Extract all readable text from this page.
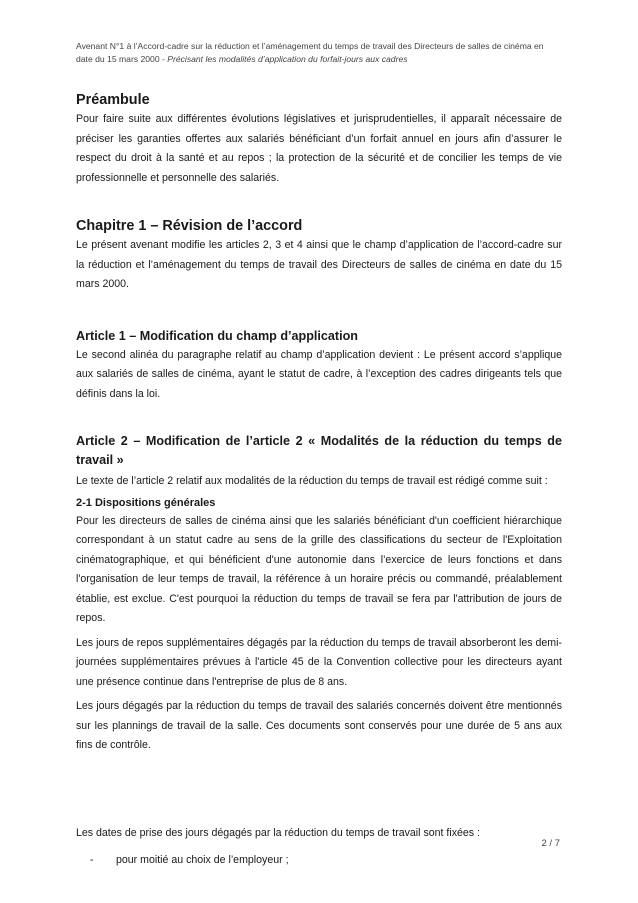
Avenant N°1 à l’Accord-cadre sur la réduction et l’aménagement du temps de travail des Directeurs de salles de cinéma en
date du 15 mars 2000 - Précisant les modalités d’application du forfait-jours aux cadres
Préambule

Pour faire suite aux différentes évolutions législatives et jurisprudentielles, il apparaît nécessaire de préciser les garanties offertes aux salariés bénéficiant d’un forfait annuel en jours afin d’assurer le respect du droit à la santé et au repos ; la protection de la sécurité et de concilier les temps de vie professionnelle et personnelle des salariés.

Chapitre 1 – Révision de l’accord

Le présent avenant modifie les articles 2, 3 et 4 ainsi que le champ d’application de l’accord-cadre sur la réduction et l’aménagement du temps de travail des Directeurs de salles de cinéma en date du 15 mars 2000.

Article 1 – Modification du champ d’application

Le second alinéa du paragraphe relatif au champ d’application devient : Le présent accord s’applique aux salariés de salles de cinéma, ayant le statut de cadre, à l’exception des cadres dirigeants tels que définis dans la loi.

Article 2 – Modification de l’article 2 « Modalités de la réduction du temps de travail »

Le texte de l’article 2 relatif aux modalités de la réduction du temps de travail est rédigé comme suit :

2-1 Dispositions générales

Pour les directeurs de salles de cinéma ainsi que les salariés bénéficiant d'un coefficient hiérarchique correspondant à un statut cadre au sens de la grille des classifications du secteur de l'Exploitation cinématographique, et qui bénéficient d'une autonomie dans l’exercice de leurs fonctions et dans l'organisation de leur temps de travail, la référence à un horaire précis ou commandé, préalablement établie, est exclue. C'est pourquoi la réduction du temps de travail se fera par l'attribution de jours de repos.

Les jours de repos supplémentaires dégagés par la réduction du temps de travail absorberont les demi-journées supplémentaires prévues à l'article 45 de la Convention collective pour les directeurs ayant une présence continue dans l'entreprise de plus de 8 ans.

Les jours dégagés par la réduction du temps de travail des salariés concernés doivent être mentionnés sur les plannings de travail de la salle. Ces documents sont conservés pour une durée de 5 ans aux fins de contrôle.

Les dates de prise des jours dégagés par la réduction du temps de travail sont fixées :

-	pour moitié au choix de l’employeur ;
2 / 7
